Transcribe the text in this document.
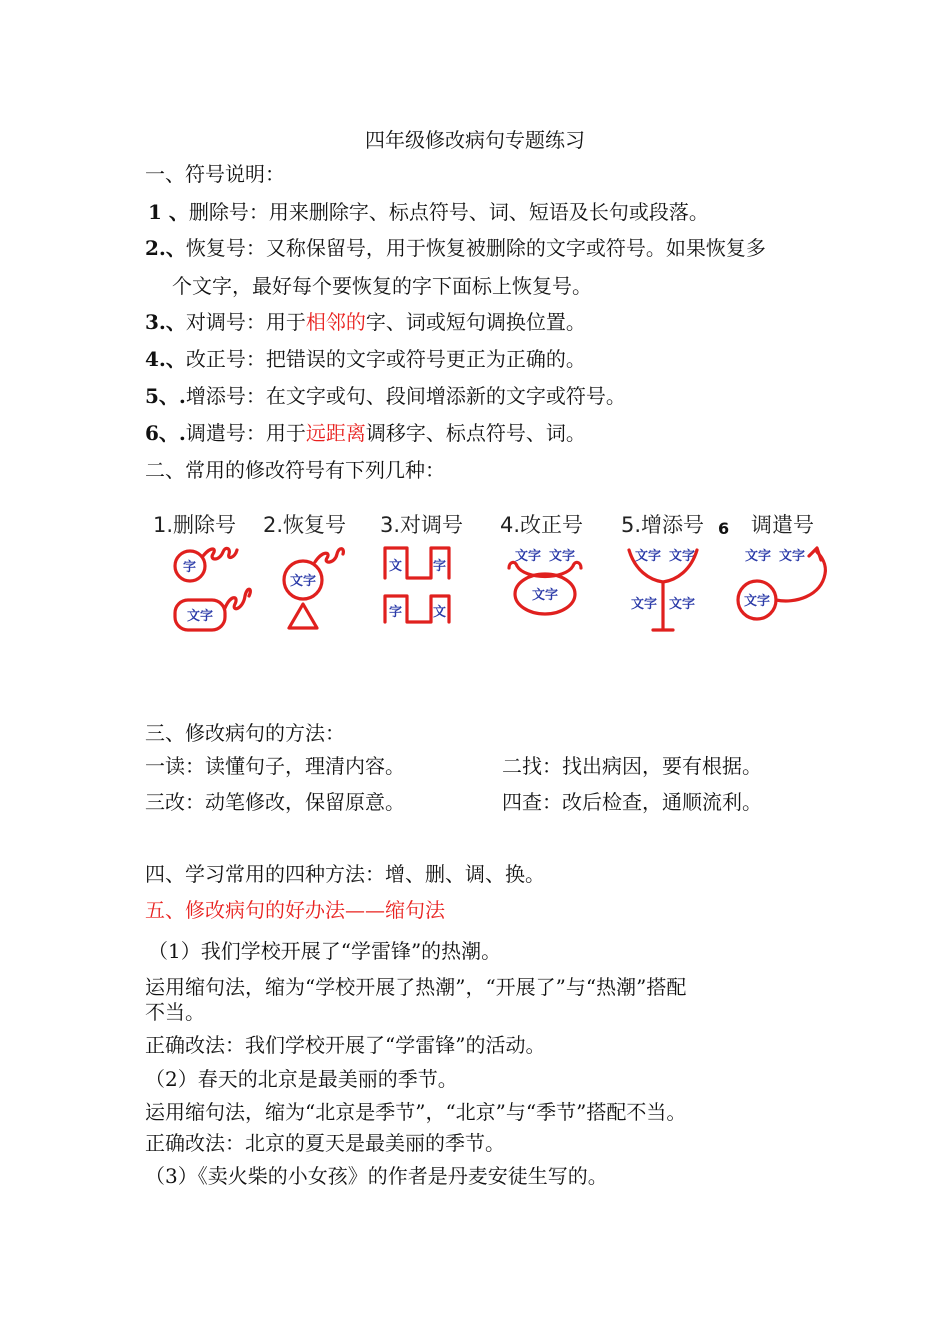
四年级修改病句专题练习
一、符号说明：
1 、删除号：用来删除字、标点符号、词、短语及长句或段落。
2.、恢复号：又称保留号，用于恢复被删除的文字或符号。如果恢复多
个文字，最好每个要恢复的字下面标上恢复号。
3.、对调号：用于相邻的字、词或短句调换位置。
4.、改正号：把错误的文字或符号更正为正确的。
5、.增添号：在文字或句、段间增添新的文字或符号。
6、.调遣号：用于远距离调移字、标点符号、词。
二、常用的修改符号有下列几种：
1.删除号
字
文字
2.恢复号
文字
3.对调号
文 字
字 文
4.改正号
文字 文字
文字
5.增添号
文字 文字
文字 文字
6 调遣号
文字 文字
文字
三、修改病句的方法：
一读：读懂句子，理清内容。	二找：找出病因，要有根据。
三改：动笔修改，保留原意。	四查：改后检查，通顺流利。
四、学习常用的四种方法：增、删、调、换。
五、修改病句的好办法——缩句法
（1）我们学校开展了“学雷锋”的热潮。
运用缩句法，缩为“学校开展了热潮”，“开展了”与“热潮”搭配
不当。
正确改法：我们学校开展了“学雷锋”的活动。
（2）春天的北京是最美丽的季节。
运用缩句法，缩为“北京是季节”，“北京”与“季节”搭配不当。
正确改法：北京的夏天是最美丽的季节。
（3）《卖火柴的小女孩》的作者是丹麦安徒生写的。
